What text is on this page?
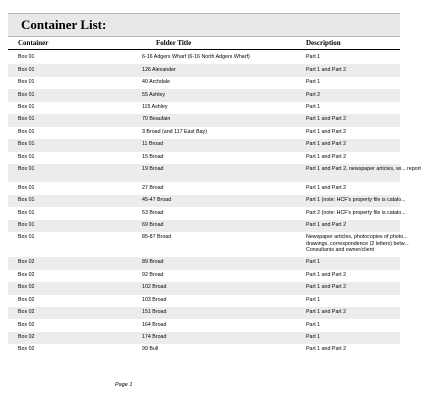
Container List:
Container	Folder Title	Description
Box 01	6-16 Adgers Wharf (6-16 North Adgers Wharf)	Part 1
Box 01	126 Alexander	Part 1 and Part 2
Box 01	40 Archdale	Part 1
Box 01	55 Ashley	Part 2
Box 01	115 Ashley	Part 1
Box 01	70 Beaufain	Part 1 and Part 2
Box 01	3 Broad (and 117 East Bay)	Part 1 and Part 2
Box 01	11 Broad	Part 1 and Part 2
Box 01	15 Broad	Part 1 and Part 2
Box 01	19 Broad	Part 1 and Part 2, newspaper articles, wi... report
Box 01	27 Broad	Part 1 and Part 2
Box 01	45-47 Broad	Part 1 (note: HCF's property file is catalo...
Box 01	53 Broad	Part 2 (note: HCF's property file is catalo...
Box 01	69 Broad	Part 1 and Part 2
Box 01	85-87 Broad	Newspaper articles, photocopies of photo... drawings, correspondence (2 letters) betw... Consultants and owner/client
Box 02	89 Broad	Part 1
Box 02	92 Broad	Part 1 and Part 2
Box 02	102 Broad	Part 1 and Part 2
Box 02	103 Broad	Part 1
Box 02	151 Broad	Part 1 and Part 2
Box 02	164 Broad	Part 1
Box 02	174 Broad	Part 1
Box 02	99 Bull	Part 1 and Part 2
Page 1
